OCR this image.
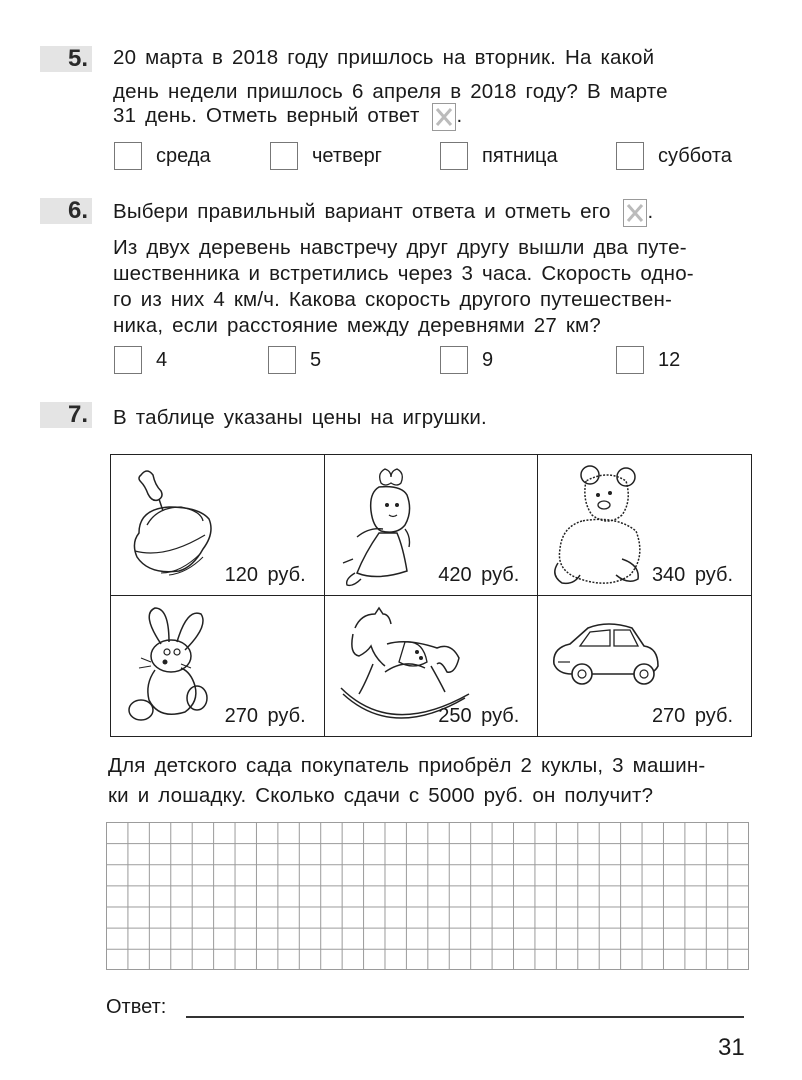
5. 20 марта в 2018 году пришлось на вторник. На какой
день недели пришлось 6 апреля в 2018 году? В марте
31 день. Отметь верный ответ .
среда	четверг	пятница	суббота
6. Выбери правильный вариант ответа и отметь его .
Из двух деревень навстречу друг другу вышли два путе-
шественника и встретились через 3 часа. Скорость одно-
го из них 4 км/ч. Какова скорость другого путешествен-
ника, если расстояние между деревнями 27 км?
4	5	9	12
7. В таблице указаны цены на игрушки.
120 руб.	420 руб.	340 руб.

270 руб.	250 руб.	270 руб.
Для детского сада покупатель приобрёл 2 куклы, 3 машин-
ки и лошадку. Сколько сдачи с 5000 руб. он получит?
Ответ:
31
